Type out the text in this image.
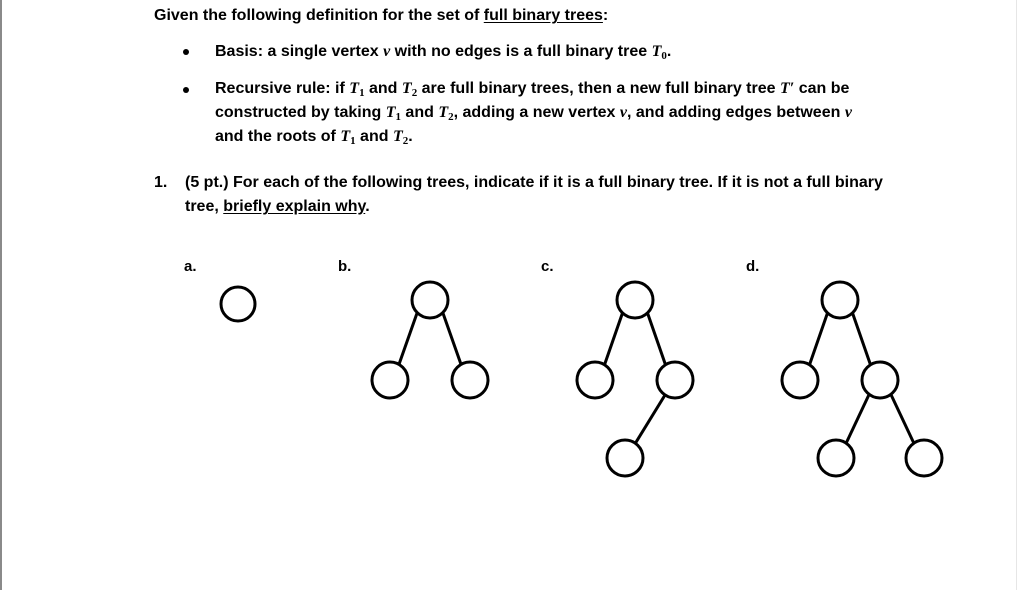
Given the following definition for the set of full binary trees:
Basis: a single vertex v with no edges is a full binary tree $T_0$.
Recursive rule: if $T_1$ and $T_2$ are full binary trees, then a new full binary tree T′ can be
constructed by taking $T_1$ and $T_2$, adding a new vertex v, and adding edges between v
and the roots of $T_1$ and $T_2$.
1. (5 pt.) For each of the following trees, indicate if it is a full binary tree. If it is not a full binary
tree, briefly explain why.
a.	b.	c.	d.
